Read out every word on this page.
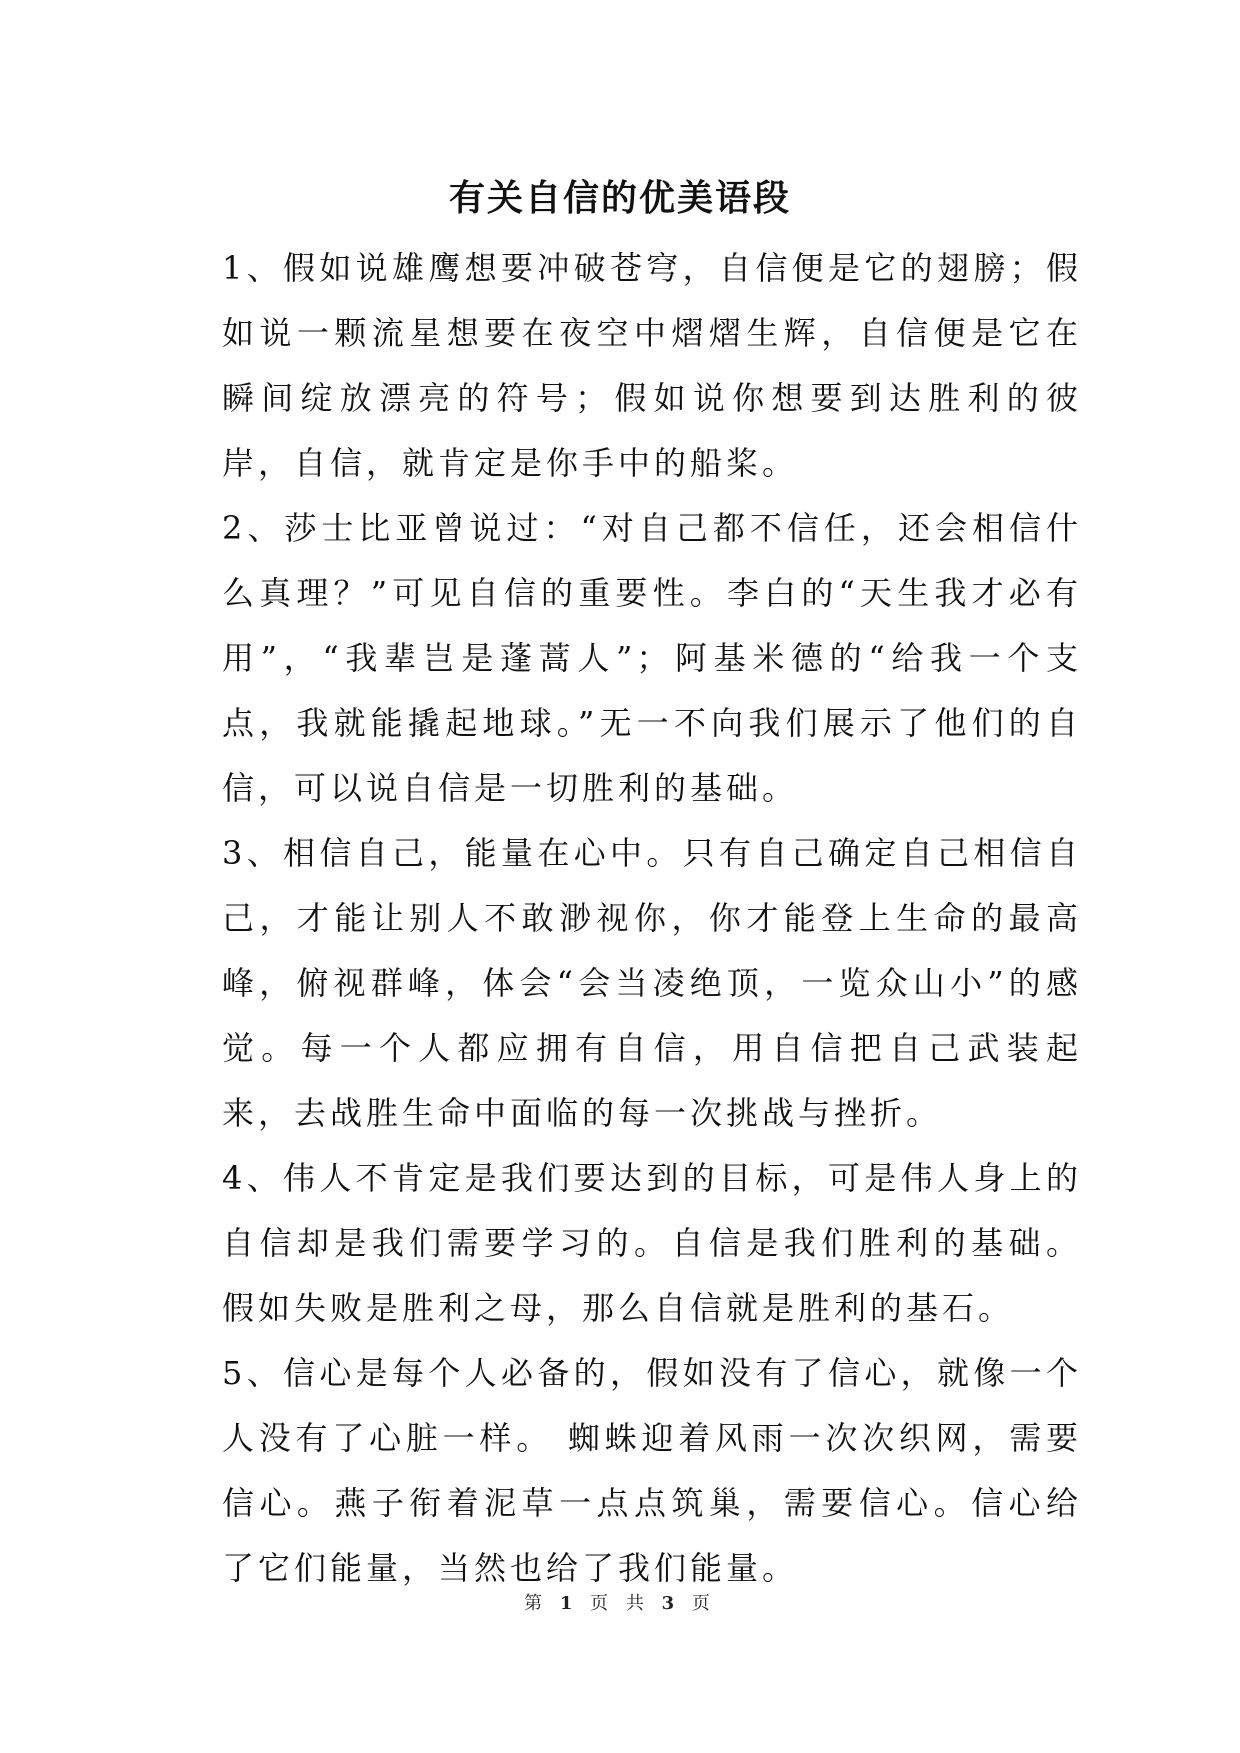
有关自信的优美语段

1、假如说雄鹰想要冲破苍穹，自信便是它的翅膀；假如说一颗流星想要在夜空中熠熠生辉，自信便是它在瞬间绽放漂亮的符号；假如说你想要到达胜利的彼岸，自信，就肯定是你手中的船桨。

2、莎士比亚曾说过：“对自己都不信任，还会相信什么真理？”可见自信的重要性。李白的“天生我才必有用”，“我辈岂是蓬蒿人”；阿基米德的“给我一个支点，我就能撬起地球。”无一不向我们展示了他们的自信，可以说自信是一切胜利的基础。

3、相信自己，能量在心中。只有自己确定自己相信自己，才能让别人不敢渺视你，你才能登上生命的最高峰，俯视群峰，体会“会当凌绝顶，一览众山小”的感觉。每一个人都应拥有自信，用自信把自己武装起来，去战胜生命中面临的每一次挑战与挫折。

4、伟人不肯定是我们要达到的目标，可是伟人身上的自信却是我们需要学习的。自信是我们胜利的基础。假如失败是胜利之母，那么自信就是胜利的基石。

5、信心是每个人必备的，假如没有了信心，就像一个人没有了心脏一样。 蜘蛛迎着风雨一次次织网，需要信心。燕子衔着泥草一点点筑巢，需要信心。信心给了它们能量，当然也给了我们能量。

第 1 页 共 3 页
